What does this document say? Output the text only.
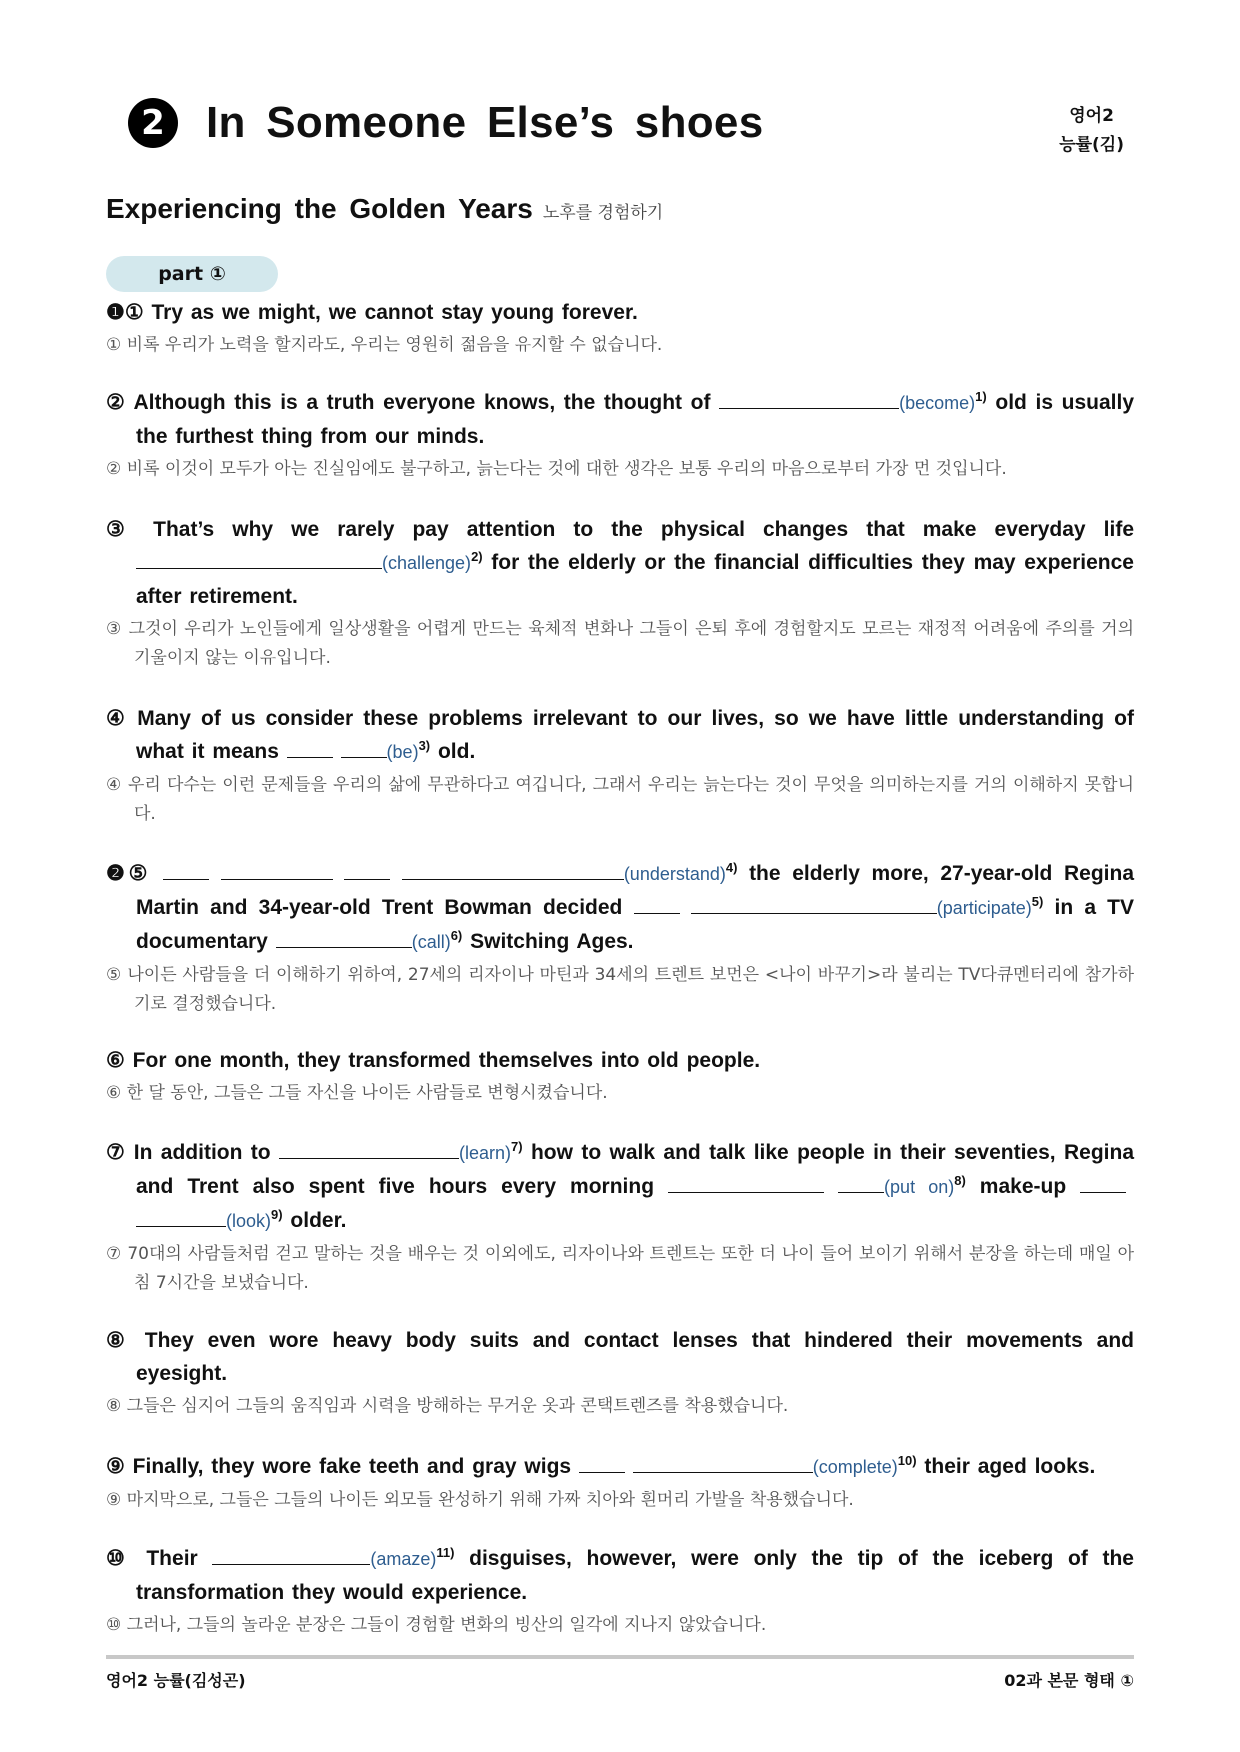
2 In Someone Else’s shoes	영어2
능률(김)
Experiencing the Golden Years 노후를 경험하기
part ①
❶① Try as we might, we cannot stay young forever.
① 비록 우리가 노력을 할지라도, 우리는 영원히 젊음을 유지할 수 없습니다.
② Although this is a truth everyone knows, the thought of	(become)$^{1)}$ old is usually the furthest thing from our minds.
② 비록 이것이 모두가 아는 진실임에도 불구하고, 늙는다는 것에 대한 생각은 보통 우리의 마음으로부터 가장 먼 것입니다.
③ That’s why we rarely pay attention to the physical changes that make everyday life (challenge)$^{2)}$ for the elderly or the financial difficulties they may experience after retirement.
③ 그것이 우리가 노인들에게 일상생활을 어렵게 만드는 육체적 변화나 그들이 은퇴 후에 경험할지도 모르는 재정적 어려움에 주의를 거의 기울이지 않는 이유입니다.
④ Many of us consider these problems irrelevant to our lives, so we have little understanding of what it means	(be)$^{3)}$ old.
④ 우리 다수는 이런 문제들을 우리의 삶에 무관하다고 여깁니다, 그래서 우리는 늙는다는 것이 무엇을 의미하는지를 거의 이해하지 못합니다.
❷⑤	(understand)$^{4)}$ the elderly more, 27-year-old Regina Martin and 34-year-old Trent Bowman decided	(participate)$^{5)}$ in a TV documentary	(call)$^{6)}$ Switching Ages.
⑤ 나이든 사람들을 더 이해하기 위하여, 27세의 리자이나 마틴과 34세의 트렌트 보먼은 <나이 바꾸기>라 불리는 TV다큐멘터리에 참가하기로 결정했습니다.
⑥ For one month, they transformed themselves into old people.
⑥ 한 달 동안, 그들은 그들 자신을 나이든 사람들로 변형시켰습니다.
⑦ In addition to	(learn)$^{7)}$ how to walk and talk like people in their seventies, Regina and Trent also spent five hours every morning	(put on)$^{8)}$ make-up  (look)$^{9)}$ older.
⑦ 70대의 사람들처럼 걷고 말하는 것을 배우는 것 이외에도, 리자이나와 트렌트는 또한 더 나이 들어 보이기 위해서 분장을 하는데 매일 아침 7시간을 보냈습니다.
⑧ They even wore heavy body suits and contact lenses that hindered their movements and eyesight.
⑧ 그들은 심지어 그들의 움직임과 시력을 방해하는 무거운 옷과 콘택트렌즈를 착용했습니다.
⑨ Finally, they wore fake teeth and gray wigs	(complete)$^{10)}$ their aged looks.
⑨ 마지막으로, 그들은 그들의 나이든 외모들 완성하기 위해 가짜 치아와 흰머리 가발을 착용했습니다.
⑩ Their	(amaze)$^{11)}$ disguises, however, were only the tip of the iceberg of the transformation they would experience.
⑩ 그러나, 그들의 놀라운 분장은 그들이 경험할 변화의 빙산의 일각에 지나지 않았습니다.
영어2 능률(김성곤)	02과 본문 형태 ①
